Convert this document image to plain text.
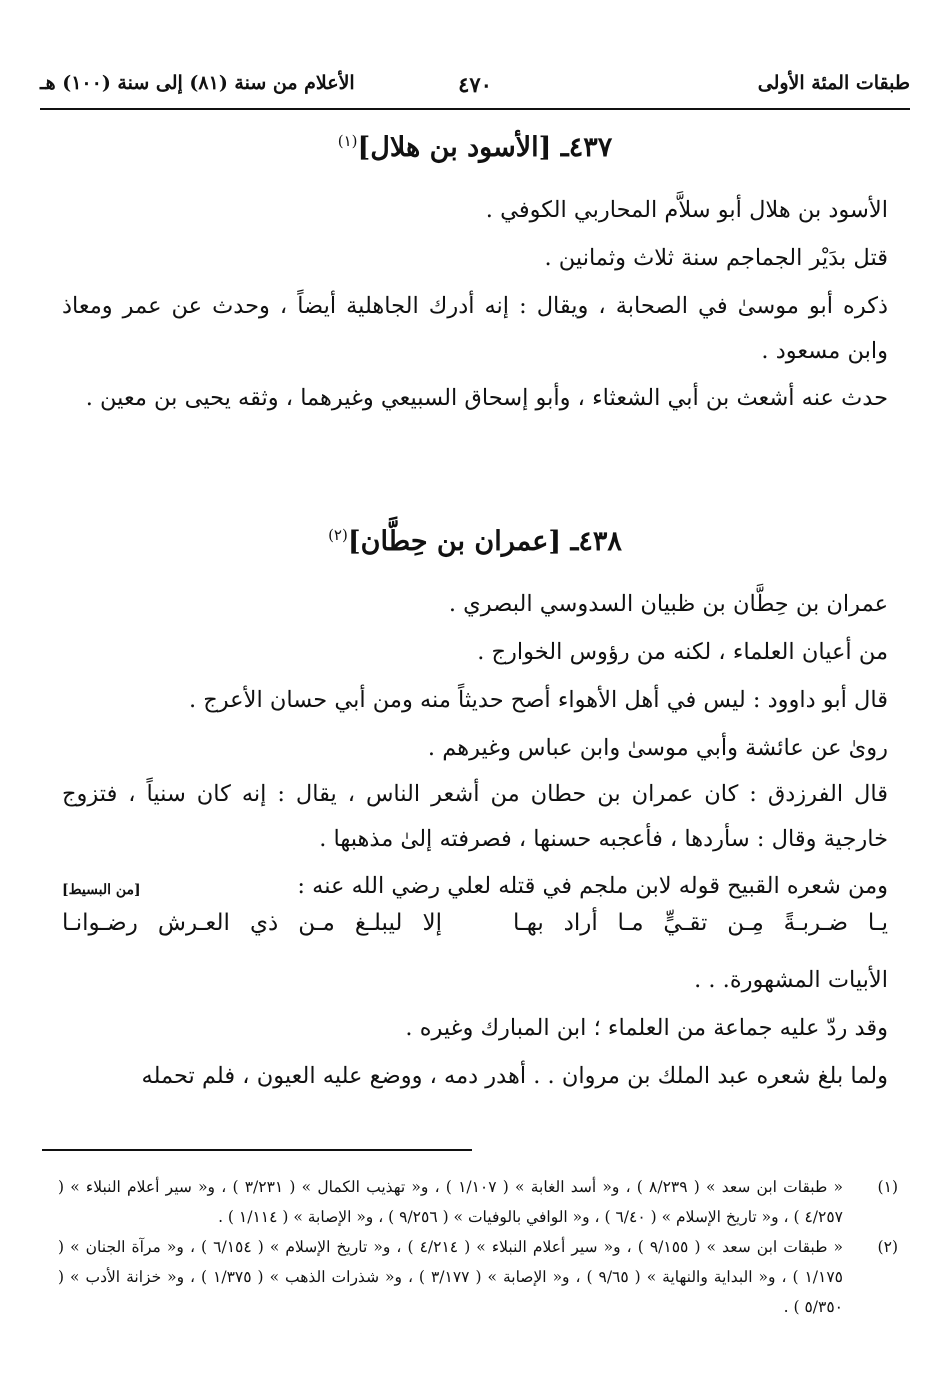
طبقات المئة الأولى
٤٧٠
الأعلام من سنة (٨١) إلى سنة (١٠٠) هـ
٤٣٧ـ [الأسود بن هلال]$^{(١)}$

الأسود بن هلال أبو سلاَّم المحاربي الكوفي .

قتل بدَيْر الجماجم سنة ثلاث وثمانين .

ذكره أبو موسىٰ في الصحابة ، ويقال : إنه أدرك الجاهلية أيضاً ، وحدث عن عمر ومعاذ وابن مسعود .

حدث عنه أشعث بن أبي الشعثاء ، وأبو إسحاق السبيعي وغيرهما ، وثقه يحيى بن معين .

٤٣٨ـ [عمران بن حِطَّان]$^{(٢)}$

عمران بن حِطَّان بن ظبيان السدوسي البصري .

من أعيان العلماء ، لكنه من رؤوس الخوارج .

قال أبو داوود : ليس في أهل الأهواء أصح حديثاً منه ومن أبي حسان الأعرج .

رویٰ عن عائشة وأبي موسىٰ وابن عباس وغيرهم .

قال الفرزدق : كان عمران بن حطان من أشعر الناس ، يقال : إنه كان سنياً ، فتزوج خارجية وقال : سأردها ، فأعجبه حسنها ، فصرفته إلىٰ مذهبها .

[من البسيط]	ومن شعره القبيح قوله لابن ملجم في قتله لعلي رضي الله عنه :

يـا ضـربـةً مِـن تقـيٍّ مـا أراد بهـا
إلا ليبلـغ مـن ذي العـرش رضـوانـا

الأبيات المشهورة. . .

وقد ردّ عليه جماعة من العلماء ؛ ابن المبارك وغيره .

ولما بلغ شعره عبد الملك بن مروان . . أهدر دمه ، ووضع عليه العيون ، فلم تحمله

(١)
« طبقات ابن سعد » ( ٨/٢٣٩ ) ، و« أسد الغابة » ( ١/١٠٧ ) ، و« تهذيب الكمال » ( ٣/٢٣١ ) ، و« سير أعلام النبلاء » ( ٤/٢٥٧ ) ، و« تاريخ الإسلام » ( ٦/٤٠ ) ، و« الوافي بالوفيات » ( ٩/٢٥٦ ) ، و« الإصابة » ( ١/١١٤ ) .

(٢)
« طبقات ابن سعد » ( ٩/١٥٥ ) ، و« سير أعلام النبلاء » ( ٤/٢١٤ ) ، و« تاريخ الإسلام » ( ٦/١٥٤ ) ، و« مرآة الجنان » ( ١/١٧٥ ) ، و« البداية والنهاية » ( ٩/٦٥ ) ، و« الإصابة » ( ٣/١٧٧ ) ، و« شذرات الذهب » ( ١/٣٧٥ ) ، و« خزانة الأدب » ( ٥/٣٥٠ ) .
